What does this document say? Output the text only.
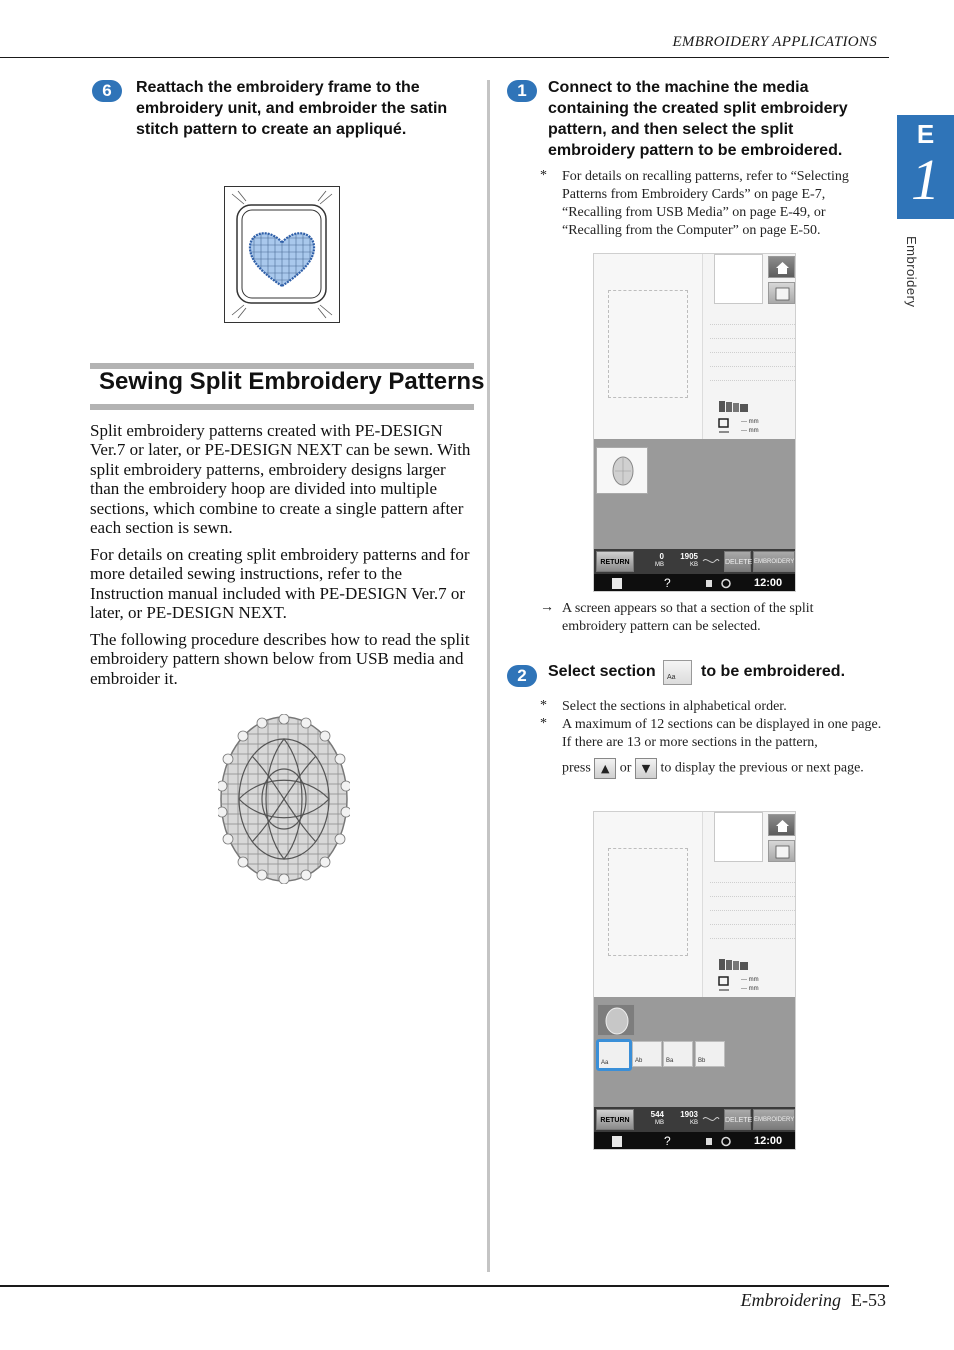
EMBROIDERY APPLICATIONS
E
1
Embroidery
6	Reattach the embroidery frame to the embroidery unit, and embroider the satin stitch pattern to create an appliqué.
Sewing Split Embroidery Patterns
Split embroidery patterns created with PE-DESIGN Ver.7 or later, or PE-DESIGN NEXT can be sewn. With split embroidery patterns, embroidery designs larger than the embroidery hoop are divided into multiple sections, which combine to create a single pattern after each section is sewn.
For details on creating split embroidery patterns and for more detailed sewing instructions, refer to the Instruction manual included with PE-DESIGN Ver.7 or later, or PE-DESIGN NEXT.
The following procedure describes how to read the split embroidery pattern shown below from USB media and embroider it.
1	Connect to the machine the media containing the created split embroidery pattern, and then select the split embroidery pattern to be embroidered.
* For details on recalling patterns, refer to “Selecting Patterns from Embroidery Cards” on page E-7, “Recalling from USB Media” on page E-49, or “Recalling from the Computer” on page E-50.
--- mm
--- mm
RETURN
0
MB
1905
KB	DELETE EMBROIDERY
?	12:00
→ A screen appears so that a section of the split embroidery pattern can be selected.
2	Select section Aa to be embroidered.
* Select the sections in alphabetical order.
* A maximum of 12 sections can be displayed in one page. If there are 13 or more sections in the pattern,
press ▲ or ▼ to display the previous or next page.
--- mm
--- mm
Aa	Ab	Ba	Bb
RETURN
544
MB
1903
KB	DELETE EMBROIDERY
?	12:00
Embroidering E-53
